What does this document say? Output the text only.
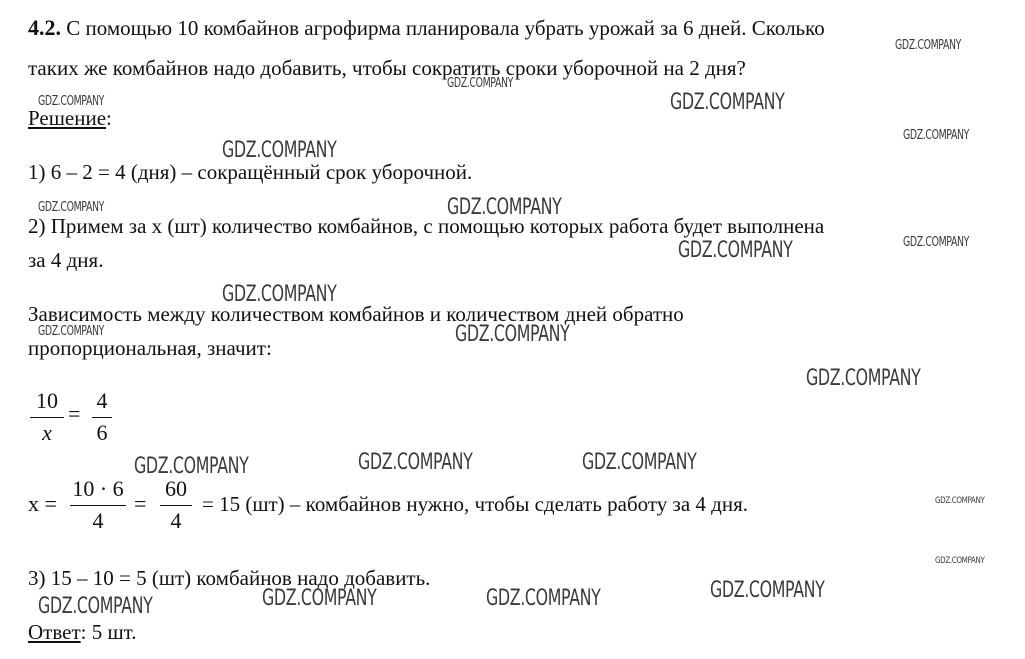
4.2. С помощью 10 комбайнов агрофирма планировала убрать урожай за 6 дней. Сколько
таких же комбайнов надо добавить, чтобы сократить сроки уборочной на 2 дня?
Решение:
1) 6 – 2 = 4 (дня) – сокращённый срок уборочной.
2) Примем за х (шт) количество комбайнов, с помощью которых работа будет выполнена
за 4 дня.
Зависимость между количеством комбайнов и количеством дней обратно
пропорциональная, значит:
10
x
=
4
6
x =
10 · 6
4
=
60
4
= 15 (шт) – комбайнов нужно, чтобы сделать работу за 4 дня.
3) 15 – 10 = 5 (шт) комбайнов надо добавить.
Ответ: 5 шт.
GDZ.COMPANY
GDZ.COMPANY
GDZ.COMPANY	GDZ.COMPANY
GDZ.COMPANY
GDZ.COMPANY
GDZ.COMPANY	GDZ.COMPANY
GDZ.COMPANY
GDZ.COMPANY
GDZ.COMPANY
GDZ.COMPANY	GDZ.COMPANY
GDZ.COMPANY
GDZ.COMPANY	GDZ.COMPANY	GDZ.COMPANY
GDZ.COMPANY
GDZ.COMPANY
GDZ.COMPANY
GDZ.COMPANY	GDZ.COMPANY	GDZ.COMPANY
